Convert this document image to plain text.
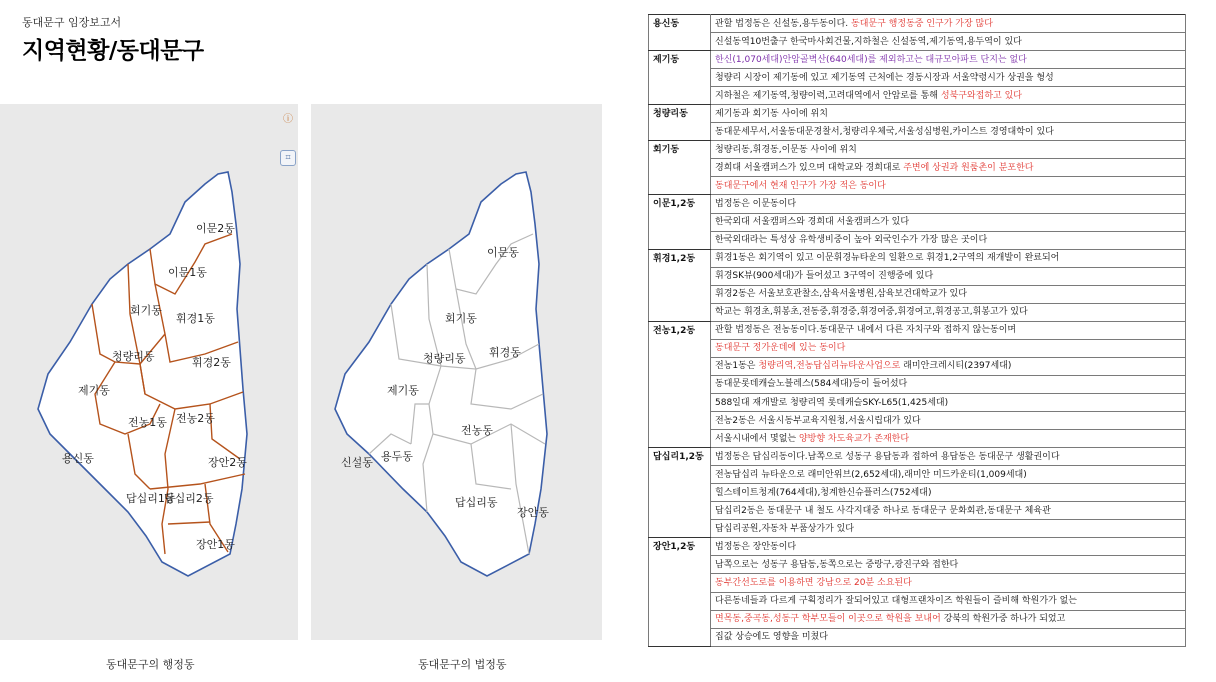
동대문구 임장보고서
지역현황/동대문구
ⓘ
⌗
이문2동
이문1동
회기동
휘경1동
청량리동	휘경2동
제기동
전농2동
전농1동
용신동	장안2동
답십리1동
답십리2동
장안1동
동대문구의 행정동
이문동
회기동
청량리동 휘경동
제기동
전농동
신설동 용두동
답십리동
장안동
동대문구의 법정동
용신동	관할 법정동은 신설동,용두동이다. 동대문구 행정동중 인구가 가장 많다
	신설동역10번출구 한국마사회건물,지하철은 신설동역,제기동역,용두역이 있다
제기동	한신(1,070세대)안암골벽산(640세대)를 제외하고는 대규모아파트 단지는 없다
	청량리 시장이 제기동에 있고 제기동역 근처에는 경동시장과 서울약령시가 상권을 형성
	지하철은 제기동역,청량이력,고려대역에서 안암로를 통해 성북구와접하고 있다
청량리동	제기동과 회기동 사이에 위치
	동대문세무서,서울동대문경찰서,청량리우체국,서울성심병원,카이스트 경영대학이 있다
회기동	청량리동,휘경동,이문동 사이에 위치
	경희대 서울캠퍼스가 있으며 대학교와 경희대로 주변에 상권과 원룸촌이 분포한다
	동대문구에서 현재 인구가 가장 적은 동이다
이문1,2동	법정동은 이문동이다
	한국외대 서울캠퍼스와 경희대 서울캠퍼스가 있다
	한국외대라는 특성상 유학생비중이 높아 외국인수가 가장 많은 곳이다
휘경1,2동	휘경1동은 회기역이 있고 이문휘경뉴타운의 일환으로 휘경1,2구역의 재개발이 완료되어
	휘경SK뷰(900세대)가 들어섰고 3구역이 진행중에 있다
	휘경2동은 서울보호관찰소,삼육서울병원,삼육보건대학교가 있다
	학교는 휘경초,휘봉초,전동중,휘경중,휘경여중,휘경여고,휘경공고,휘봉고가 있다
전농1,2동	관할 법정동은 전농동이다.동대문구 내에서 다른 자치구와 접하지 않는동이며
	동대문구 정가운데에 있는 동이다
	전농1동은 청량리역,전농답십리뉴타운사업으로 래미안크레시티(2397세대)
	동대문롯데캐슬노블레스(584세대)등이 들어섰다
	588일대 재개발로 청량리역 롯데캐슬SKY-L65(1,425세대)
	전농2동은 서울시동부교육지원청,서울시립대가 있다
	서울시내에서 몇없는 양방향 차도육교가 존재한다
답십리1,2동	법정동은 답십리동이다.남쪽으로 성동구 용답동과 접하여 용답동은 동대문구 생활권이다
	전농답십리 뉴타운으로 래미안위브(2,652세대),래미안 미드카운티(1,009세대)
	힐스테이트청계(764세대),청계한신슈플러스(752세대)
	답십리2동은 동대문구 내 철도 사각지대중 하나로 동대문구 문화회관,동대문구 체육관
	답십리공원,자동차 부품상가가 있다
장안1,2동	법정동은 장안동이다
	남쪽으로는 성동구 용답동,동쪽으로는 중랑구,광진구와 접한다
	동부간선도로를 이용하면 강남으로 20분 소요된다
	다른동네들과 다르게 구획정리가 잘되어있고 대형프랜차이즈 학원들이 즐비해 학원가가 없는
	면목동,중곡동,성동구 학부모들이 이곳으로 학원을 보내어 강북의 학원가중 하나가 되었고
	집값 상승에도 영향을 미쳤다
